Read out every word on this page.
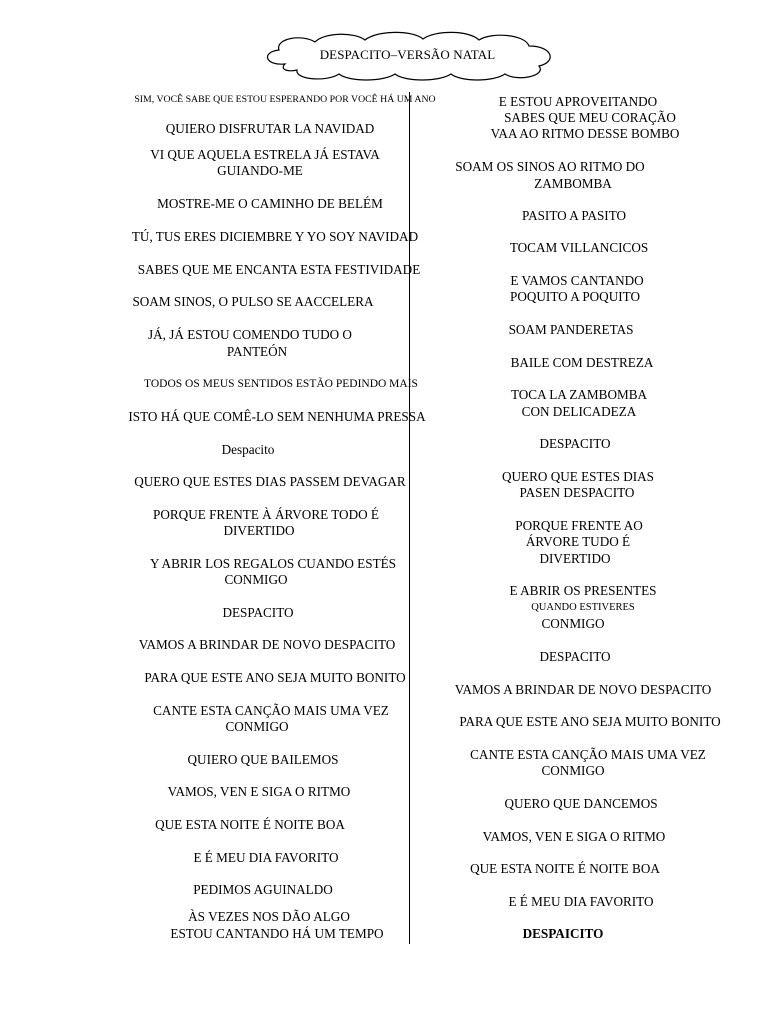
DESPACITO–VERSÃO NATAL
SIM, VOCÊ SABE QUE ESTOU ESPERANDO POR VOCÊ HÁ UM ANO
QUIERO DISFRUTAR LA NAVIDAD
VI QUE AQUELA ESTRELA JÁ ESTAVA
GUIANDO-ME
MOSTRE-ME O CAMINHO DE BELÉM
TÚ, TUS ERES DICIEMBRE Y YO SOY NAVIDAD
SABES QUE ME ENCANTA ESTA FESTIVIDADE
SOAM SINOS, O PULSO SE AACCELERA
JÁ, JÁ ESTOU COMENDO TUDO O
PANTEÓN
TODOS OS MEUS SENTIDOS ESTÃO PEDINDO MAIS
ISTO HÁ QUE COMÊ-LO SEM NENHUMA PRESSA
Despacito
QUERO QUE ESTES DIAS PASSEM DEVAGAR
PORQUE FRENTE À ÁRVORE TODO É
DIVERTIDO
Y ABRIR LOS REGALOS CUANDO ESTÉS
CONMIGO
DESPACITO
VAMOS A BRINDAR DE NOVO DESPACITO
PARA QUE ESTE ANO SEJA MUITO BONITO
CANTE ESTA CANÇÃO MAIS UMA VEZ
CONMIGO
QUIERO QUE BAILEMOS
VAMOS, VEN E SIGA O RITMO
QUE ESTA NOITE É NOITE BOA
E É MEU DIA FAVORITO
PEDIMOS AGUINALDO
ÀS VEZES NOS DÃO ALGO
ESTOU CANTANDO HÁ UM TEMPO
E ESTOU APROVEITANDO
SABES QUE MEU CORAÇÃO
VAA AO RITMO DESSE BOMBO
SOAM OS SINOS AO RITMO DO
ZAMBOMBA
PASITO A PASITO
TOCAM VILLANCICOS
E VAMOS CANTANDO
POQUITO A POQUITO
SOAM PANDERETAS
BAILE COM DESTREZA
TOCA LA ZAMBOMBA
CON DELICADEZA
DESPACITO
QUERO QUE ESTES DIAS
PASEN DESPACITO
PORQUE FRENTE AO
ÁRVORE TUDO É
DIVERTIDO
E ABRIR OS PRESENTES
QUANDO ESTIVERES
CONMIGO
DESPACITO
VAMOS A BRINDAR DE NOVO DESPACITO
PARA QUE ESTE ANO SEJA MUITO BONITO
CANTE ESTA CANÇÃO MAIS UMA VEZ
CONMIGO
QUERO QUE DANCEMOS
VAMOS, VEN E SIGA O RITMO
QUE ESTA NOITE É NOITE BOA
E É MEU DIA FAVORITO
DESPAICITO
